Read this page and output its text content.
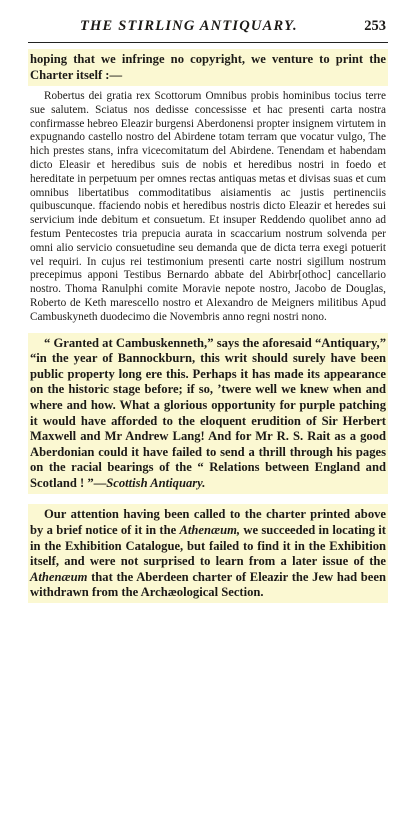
THE STIRLING ANTIQUARY.	253

hoping that we infringe no copyright, we venture to print the Charter itself :—

Robertus dei gratia rex Scottorum Omnibus probis hominibus tocius terre sue salutem. Sciatus nos dedisse concessisse et hac presenti carta nostra confirmasse hebreo Eleazir burgensi Aberdonensi propter insignem virtutem in expugnando castello nostro del Abirdene totam terram que vocatur vulgo, The hich prestes stans, infra vicecomitatum del Abirdene. Tenendam et habendam dicto Eleasir et heredibus suis de nobis et heredibus nostri in foedo et hereditate in perpetuum per omnes rectas antiquas metas et divisas suas et cum omnibus libertatibus commoditatibus aisiamentis ac justis pertinenciis quibuscunque. ffaciendo nobis et heredibus nostris dicto Eleazir et heredes sui servicium inde debitum et consuetum. Et insuper Reddendo quolibet anno ad festum Pentecostes tria prepucia aurata in scaccarium nostrum solvenda per omni alio servicio consuetudine seu demanda que de dicta terra exegi potuerit vel requiri. In cujus rei testimonium presenti carte nostri sigillum nostrum precepimus apponi Testibus Bernardo abbate del Abirbr[othoc] cancellario nostro. Thoma Ranulphi comite Moravie nepote nostro, Jacobo de Douglas, Roberto de Keth marescello nostro et Alexandro de Meigners militibus Apud Cambuskyneth duodecimo die Novembris anno regni nostri nono.

“ Granted at Cambuskenneth,” says the aforesaid “Antiquary,” “in the year of Bannockburn, this writ should surely have been public property long ere this. Perhaps it has made its appearance on the historic stage before; if so, ’twere well we knew when and where and how. What a glorious opportunity for purple patching it would have afforded to the eloquent erudition of Sir Herbert Maxwell and Mr Andrew Lang! And for Mr R. S. Rait as a good Aberdonian could it have failed to send a thrill through his pages on the racial bearings of the “ Relations between England and Scotland ! ”—Scottish Antiquary.

Our attention having been called to the charter printed above by a brief notice of it in the Athenæum, we succeeded in locating it in the Exhibition Catalogue, but failed to find it in the Exhibition itself, and were not surprised to learn from a later issue of the Athenæum that the Aberdeen charter of Eleazir the Jew had been withdrawn from the Archæological Section.
